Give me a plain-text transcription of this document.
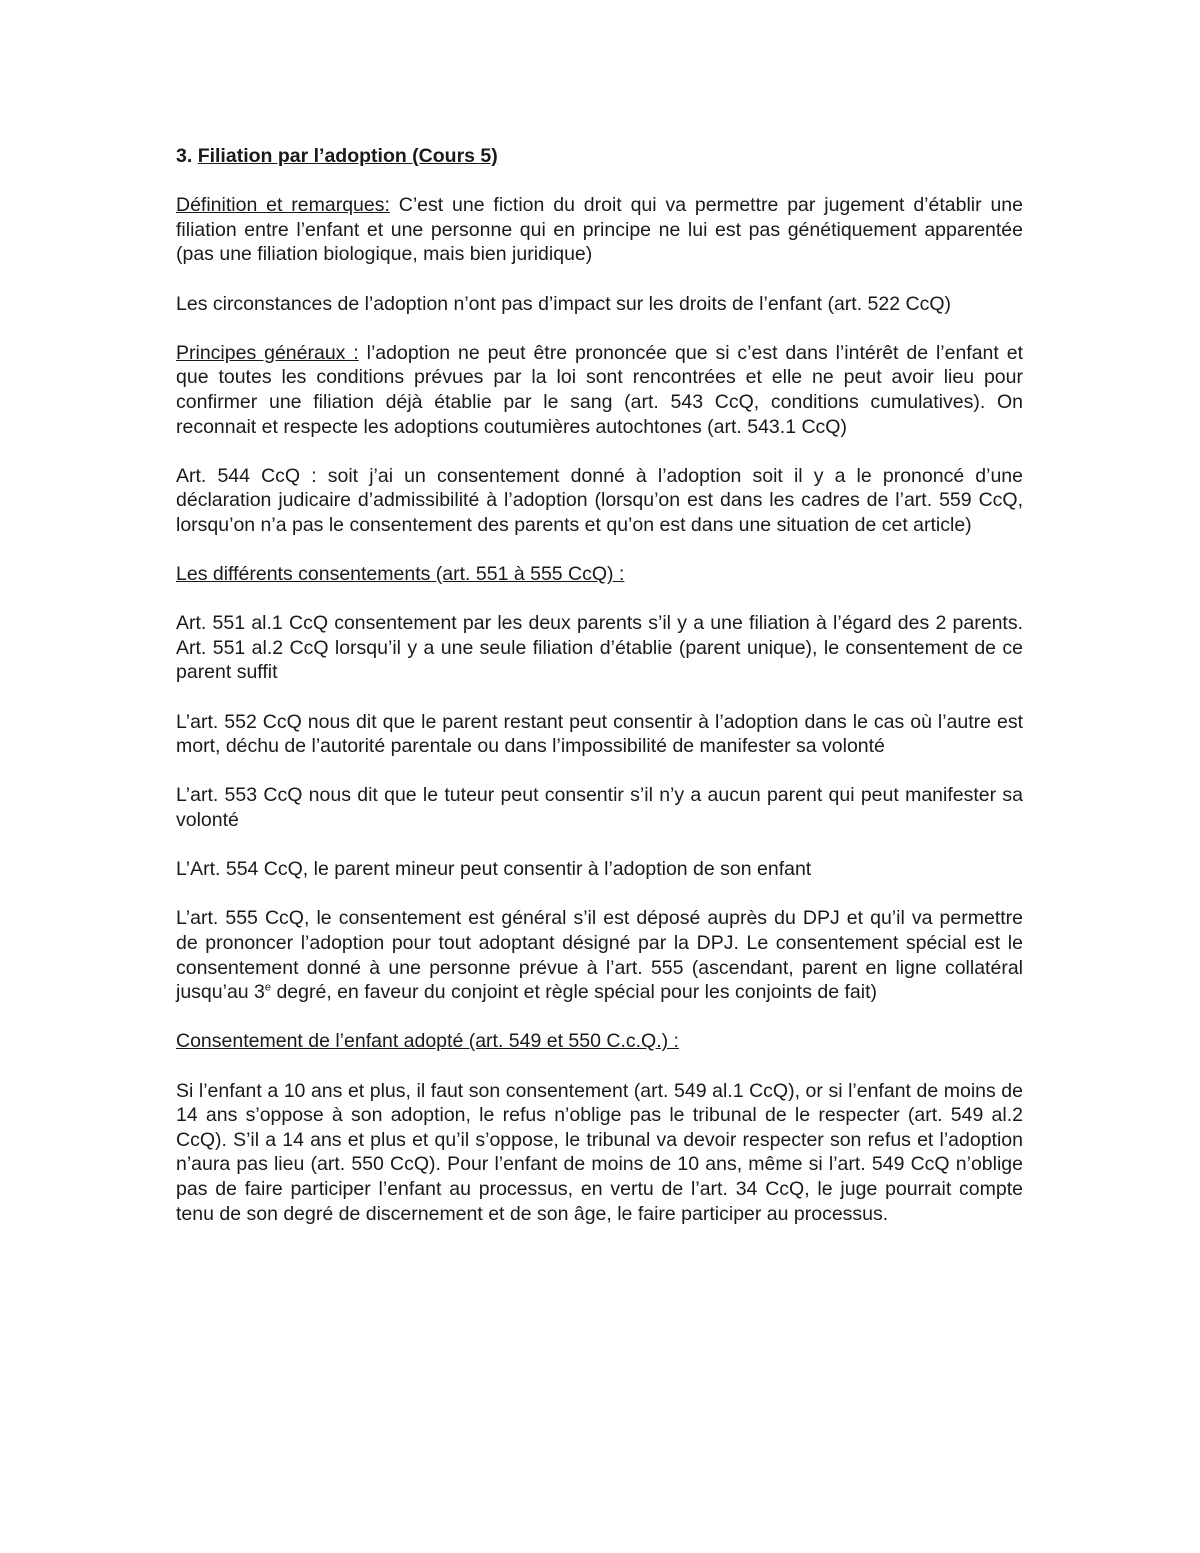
3. Filiation par l’adoption (Cours 5)

Définition et remarques: C’est une fiction du droit qui va permettre par jugement d’établir une filiation entre l’enfant et une personne qui en principe ne lui est pas génétiquement apparentée (pas une filiation biologique, mais bien juridique)

Les circonstances de l’adoption n’ont pas d’impact sur les droits de l’enfant (art. 522 CcQ)

Principes généraux : l’adoption ne peut être prononcée que si c’est dans l’intérêt de l’enfant et que toutes les conditions prévues par la loi sont rencontrées et elle ne peut avoir lieu pour confirmer une filiation déjà établie par le sang (art. 543 CcQ, conditions cumulatives). On reconnait et respecte les adoptions coutumières autochtones (art. 543.1 CcQ)

Art. 544 CcQ : soit j’ai un consentement donné à l’adoption soit il y a le prononcé d’une déclaration judicaire d’admissibilité à l’adoption (lorsqu’on est dans les cadres de l’art. 559 CcQ, lorsqu’on n’a pas le consentement des parents et qu’on est dans une situation de cet article)

Les différents consentements (art. 551 à 555 CcQ) :

Art. 551 al.1 CcQ consentement par les deux parents s’il y a une filiation à l’égard des 2 parents. Art. 551 al.2 CcQ lorsqu’il y a une seule filiation d’établie (parent unique), le consentement de ce parent suffit

L’art. 552 CcQ nous dit que le parent restant peut consentir à l’adoption dans le cas où l’autre est mort, déchu de l’autorité parentale ou dans l’impossibilité de manifester sa volonté

L’art. 553 CcQ nous dit que le tuteur peut consentir s’il n’y a aucun parent qui peut manifester sa volonté

L’Art. 554 CcQ, le parent mineur peut consentir à l’adoption de son enfant

L’art. 555 CcQ, le consentement est général s’il est déposé auprès du DPJ et qu’il va permettre de prononcer l’adoption pour tout adoptant désigné par la DPJ. Le consentement spécial est le consentement donné à une personne prévue à l’art. 555 (ascendant, parent en ligne collatéral jusqu’au 3e degré, en faveur du conjoint et règle spécial pour les conjoints de fait)

Consentement de l’enfant adopté (art. 549 et 550 C.c.Q.) :

Si l’enfant a 10 ans et plus, il faut son consentement (art. 549 al.1 CcQ), or si l’enfant de moins de 14 ans s’oppose à son adoption, le refus n’oblige pas le tribunal de le respecter (art. 549 al.2 CcQ). S’il a 14 ans et plus et qu’il s’oppose, le tribunal va devoir respecter son refus et l’adoption n’aura pas lieu (art. 550 CcQ). Pour l’enfant de moins de 10 ans, même si l’art. 549 CcQ n’oblige pas de faire participer l’enfant au processus, en vertu de l’art. 34 CcQ, le juge pourrait compte tenu de son degré de discernement et de son âge, le faire participer au processus.
